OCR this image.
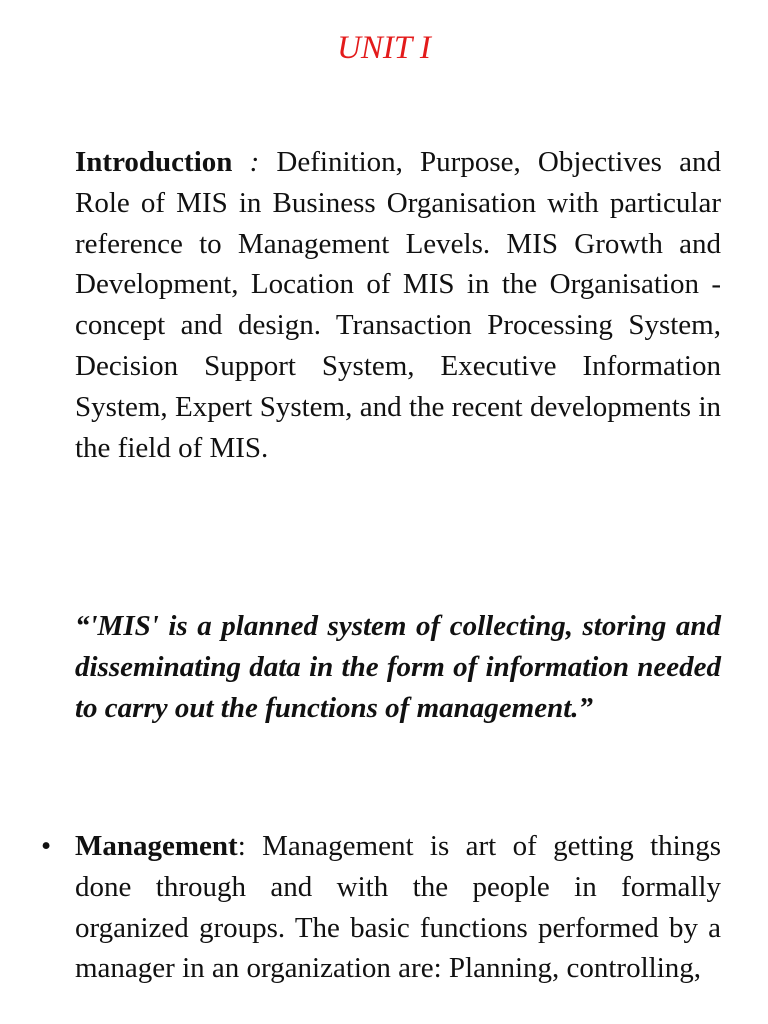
UNIT I

Introduction : Definition, Purpose, Objectives and Role of MIS in Business Organisation with particular reference to Management Levels. MIS Growth and Development, Location of MIS in the Organisation - concept and design. Transaction Processing System, Decision Support System, Executive Information System, Expert System, and the recent developments in the field of MIS.

“'MIS' is a planned system of collecting, storing and disseminating data in the form of information needed to carry out the functions of management.”

• Management: Management is art of getting things done through and with the people in formally organized groups. The basic functions performed by a manager in an organization are: Planning, controlling,
